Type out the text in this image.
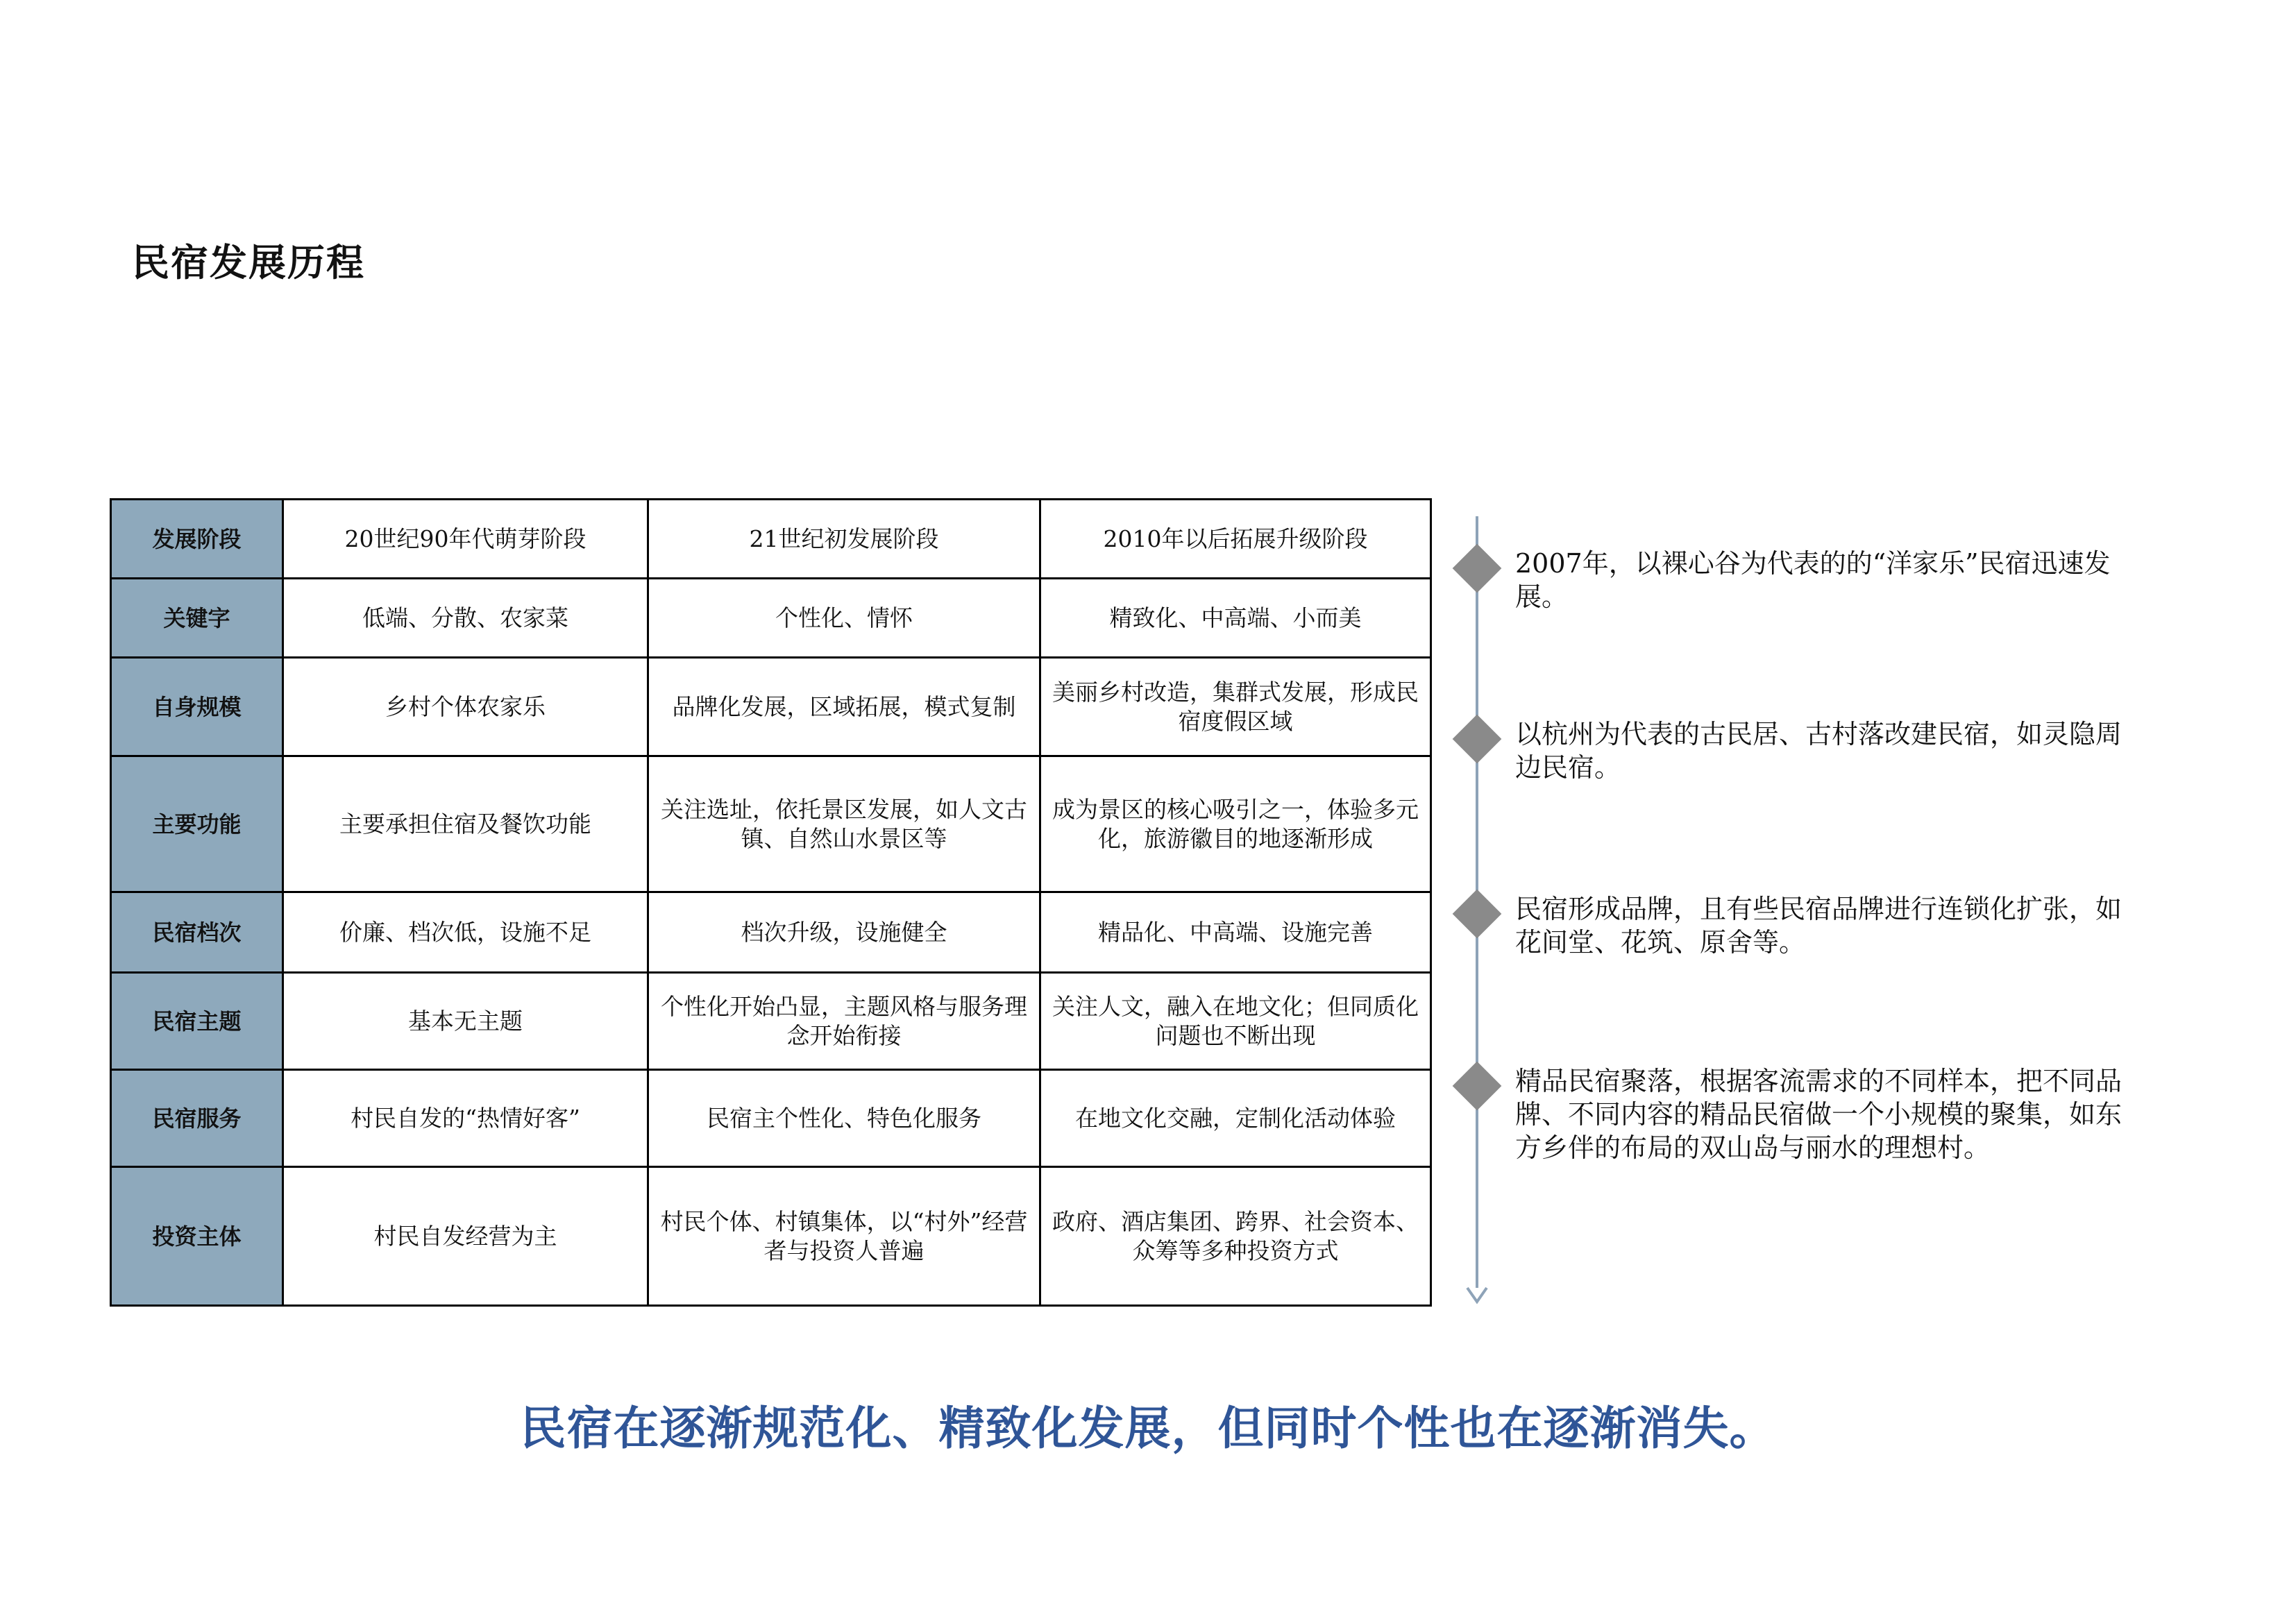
民宿发展历程
发展阶段	20世纪90年代萌芽阶段	21世纪初发展阶段	2010年以后拓展升级阶段
关键字	低端、分散、农家菜	个性化、情怀	精致化、中高端、小而美
自身规模	乡村个体农家乐	品牌化发展，区域拓展，模式复制	美丽乡村改造，集群式发展，形成民宿度假区域
主要功能	主要承担住宿及餐饮功能	关注选址，依托景区发展，如人文古镇、自然山水景区等	成为景区的核心吸引之一，体验多元化，旅游徽目的地逐渐形成
民宿档次	价廉、档次低，设施不足	档次升级，设施健全	精品化、中高端、设施完善
民宿主题	基本无主题	个性化开始凸显，主题风格与服务理念开始衔接	关注人文，融入在地文化；但同质化问题也不断出现
民宿服务	村民自发的“热情好客”	民宿主个性化、特色化服务	在地文化交融，定制化活动体验
投资主体	村民自发经营为主	村民个体、村镇集体，以“村外”经营者与投资人普遍	政府、酒店集团、跨界、社会资本、众筹等多种投资方式
2007年，以裸心谷为代表的的“洋家乐”民宿迅速发展。
以杭州为代表的古民居、古村落改建民宿，如灵隐周边民宿。
民宿形成品牌，且有些民宿品牌进行连锁化扩张，如花间堂、花筑、原舍等。
精品民宿聚落，根据客流需求的不同样本，把不同品牌、不同内容的精品民宿做一个小规模的聚集，如东方乡伴的布局的双山岛与丽水的理想村。
民宿在逐渐规范化、精致化发展，但同时个性也在逐渐消失。
